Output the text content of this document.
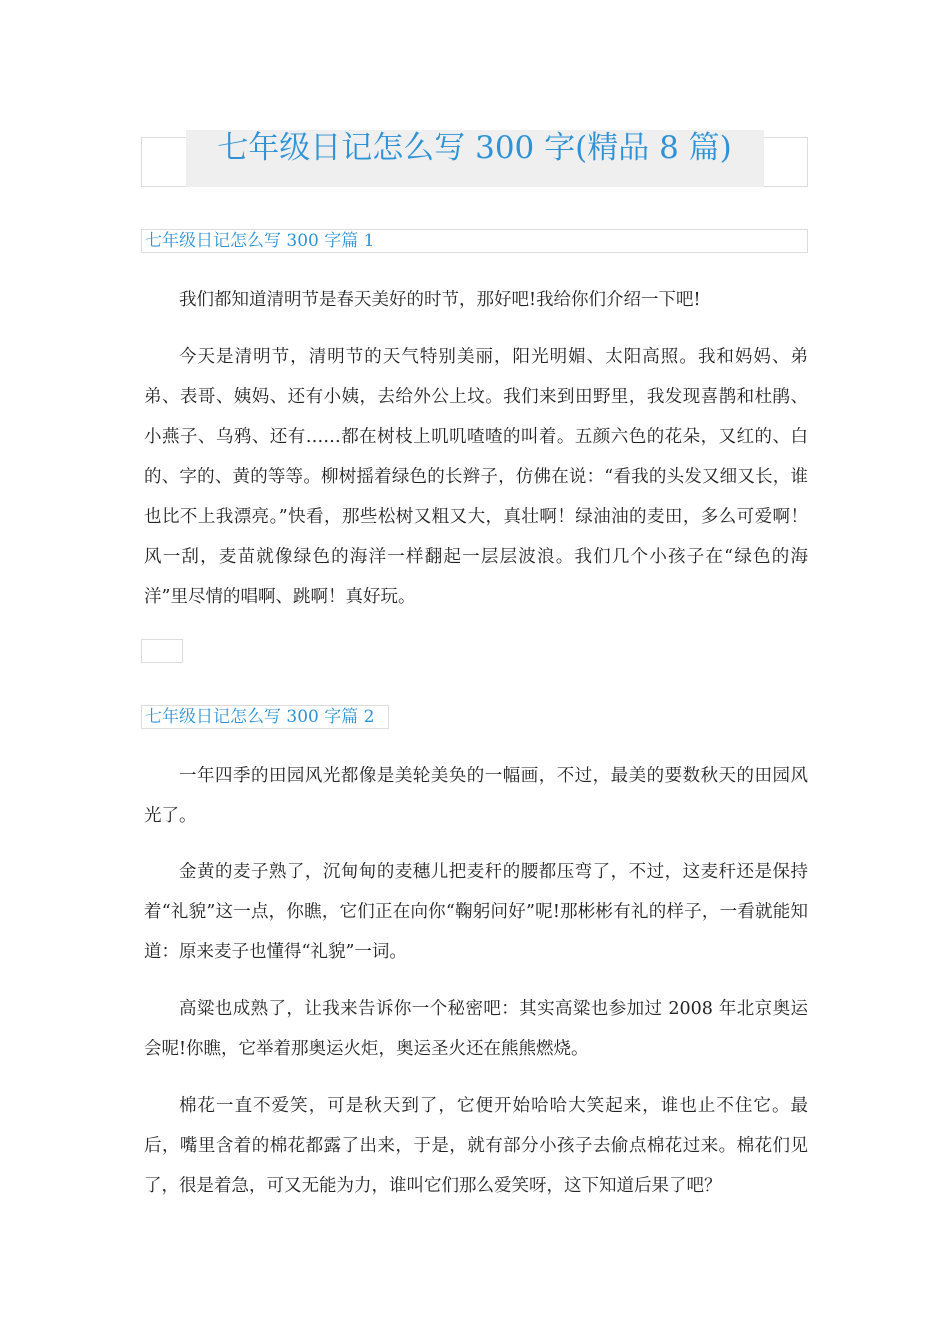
七年级日记怎么写 300 字(精品 8 篇)
七年级日记怎么写 300 字篇 1

我们都知道清明节是春天美好的时节，那好吧!我给你们介绍一下吧!

今天是清明节，清明节的天气特别美丽，阳光明媚、太阳高照。我和妈妈、弟弟、表哥、姨妈、还有小姨，去给外公上坟。我们来到田野里，我发现喜鹊和杜鹃、小燕子、乌鸦、还有……都在树枝上叽叽喳喳的叫着。五颜六色的花朵，又红的、白的、字的、黄的等等。柳树摇着绿色的长辫子，仿佛在说：“看我的头发又细又长，谁也比不上我漂亮。”快看，那些松树又粗又大，真壮啊！绿油油的麦田，多么可爱啊！风一刮，麦苗就像绿色的海洋一样翻起一层层波浪。我们几个小孩子在“绿色的海洋”里尽情的唱啊、跳啊！真好玩。

七年级日记怎么写 300 字篇 2

一年四季的田园风光都像是美轮美奂的一幅画，不过，最美的要数秋天的田园风光了。

金黄的麦子熟了，沉甸甸的麦穗儿把麦秆的腰都压弯了，不过，这麦秆还是保持着“礼貌”这一点，你瞧，它们正在向你“鞠躬问好”呢!那彬彬有礼的样子，一看就能知道：原来麦子也懂得“礼貌”一词。

高粱也成熟了，让我来告诉你一个秘密吧：其实高粱也参加过 2008 年北京奥运会呢!你瞧，它举着那奥运火炬，奥运圣火还在熊熊燃烧。

棉花一直不爱笑，可是秋天到了，它便开始哈哈大笑起来，谁也止不住它。最后，嘴里含着的棉花都露了出来，于是，就有部分小孩子去偷点棉花过来。棉花们见了，很是着急，可又无能为力，谁叫它们那么爱笑呀，这下知道后果了吧？
